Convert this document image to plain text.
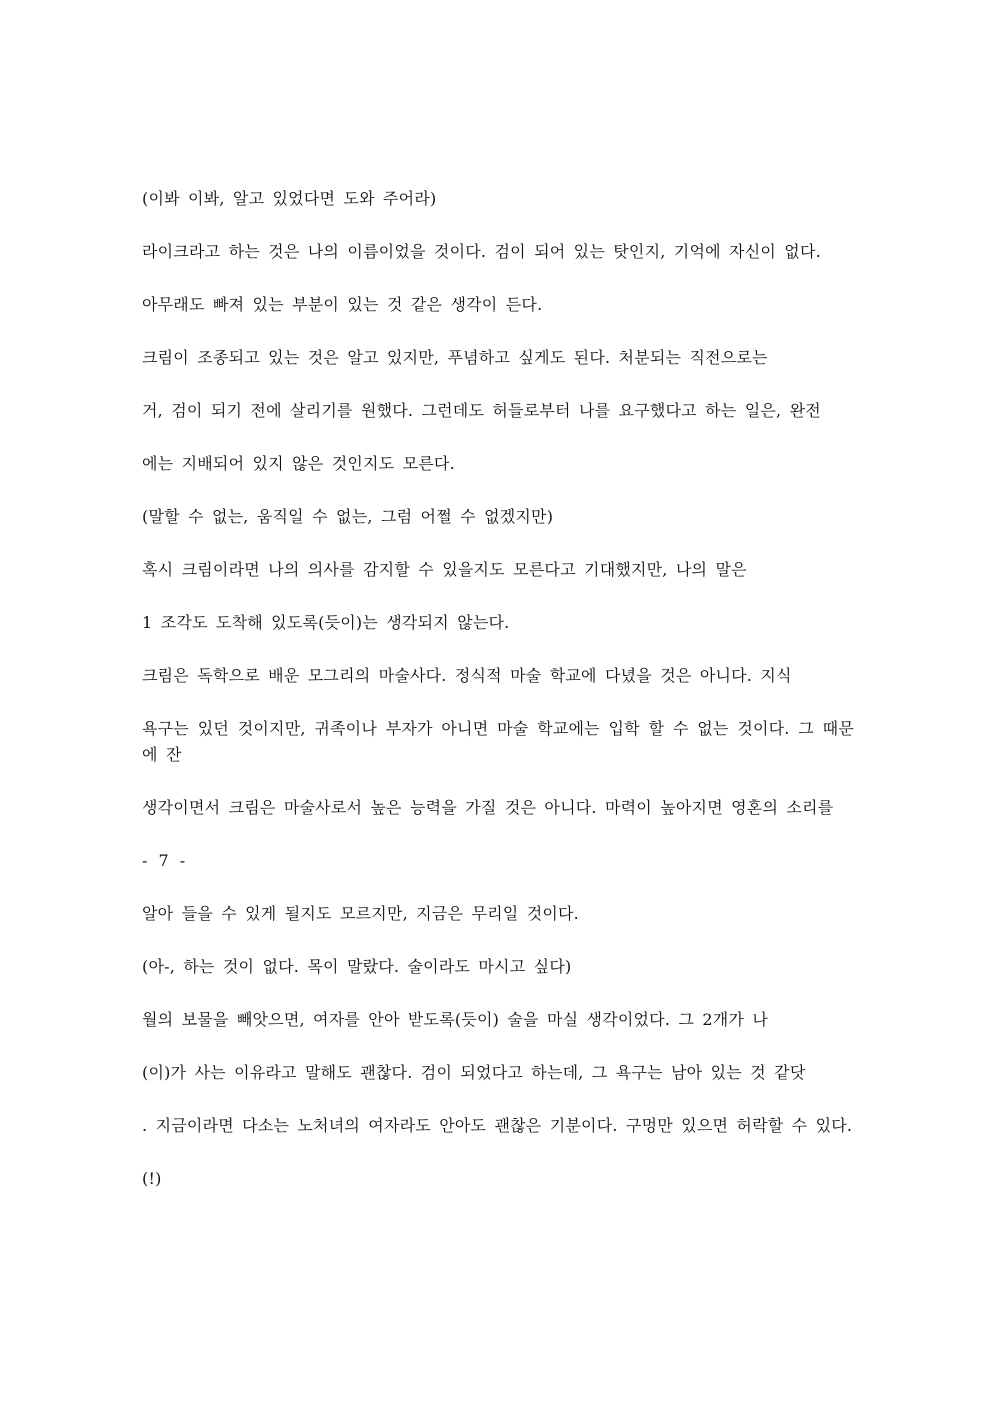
(이봐 이봐, 알고 있었다면 도와 주어라)

라이크라고 하는 것은 나의 이름이었을 것이다. 검이 되어 있는 탓인지, 기억에 자신이 없다.

아무래도 빠져 있는 부분이 있는 것 같은 생각이 든다.

크림이 조종되고 있는 것은 알고 있지만, 푸념하고 싶게도 된다. 처분되는 직전으로는

거, 검이 되기 전에 살리기를 원했다. 그런데도 허들로부터 나를 요구했다고 하는 일은, 완전

에는 지배되어 있지 않은 것인지도 모른다.

(말할 수 없는, 움직일 수 없는, 그럼 어쩔 수 없겠지만)

혹시 크림이라면 나의 의사를 감지할 수 있을지도 모른다고 기대했지만, 나의 말은

1 조각도 도착해 있도록(듯이)는 생각되지 않는다.

크림은 독학으로 배운 모그리의 마술사다. 정식적 마술 학교에 다녔을 것은 아니다. 지식

욕구는 있던 것이지만, 귀족이나 부자가 아니면 마술 학교에는 입학 할 수 없는 것이다. 그 때문에 잔

생각이면서 크림은 마술사로서 높은 능력을 가질 것은 아니다. 마력이 높아지면 영혼의 소리를

- 7 -

알아 들을 수 있게 될지도 모르지만, 지금은 무리일 것이다.

(아-, 하는 것이 없다. 목이 말랐다. 술이라도 마시고 싶다)

월의 보물을 빼앗으면, 여자를 안아 받도록(듯이) 술을 마실 생각이었다. 그 2개가 나

(이)가 사는 이유라고 말해도 괜찮다. 검이 되었다고 하는데, 그 욕구는 남아 있는 것 같닷

. 지금이라면 다소는 노처녀의 여자라도 안아도 괜찮은 기분이다. 구멍만 있으면 허락할 수 있다.

(!)
